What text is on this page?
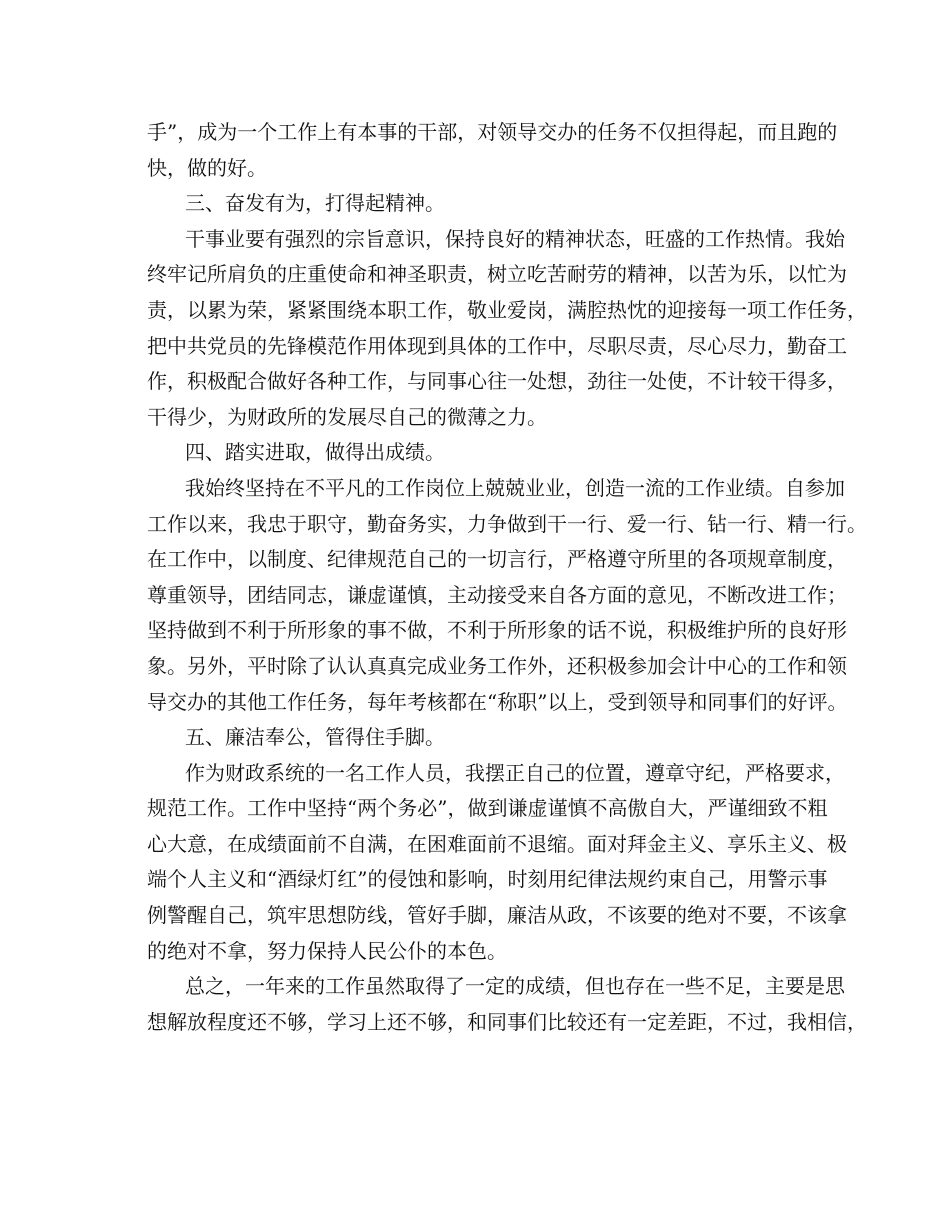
手”，成为一个工作上有本事的干部，对领导交办的任务不仅担得起，而且跑的
快，做的好。
三、奋发有为，打得起精神。
干事业要有强烈的宗旨意识，保持良好的精神状态，旺盛的工作热情。我始
终牢记所肩负的庄重使命和神圣职责，树立吃苦耐劳的精神，以苦为乐，以忙为
责，以累为荣，紧紧围绕本职工作，敬业爱岗，满腔热忱的迎接每一项工作任务，
把中共党员的先锋模范作用体现到具体的工作中，尽职尽责，尽心尽力，勤奋工
作，积极配合做好各种工作，与同事心往一处想，劲往一处使，不计较干得多，
干得少，为财政所的发展尽自己的微薄之力。
四、踏实进取，做得出成绩。
我始终坚持在不平凡的工作岗位上兢兢业业，创造一流的工作业绩。自参加
工作以来，我忠于职守，勤奋务实，力争做到干一行、爱一行、钻一行、精一行。
在工作中，以制度、纪律规范自己的一切言行，严格遵守所里的各项规章制度，
尊重领导，团结同志，谦虚谨慎，主动接受来自各方面的意见，不断改进工作；
坚持做到不利于所形象的事不做，不利于所形象的话不说，积极维护所的良好形
象。另外，平时除了认认真真完成业务工作外，还积极参加会计中心的工作和领
导交办的其他工作任务，每年考核都在“称职”以上，受到领导和同事们的好评。
五、廉洁奉公，管得住手脚。
作为财政系统的一名工作人员，我摆正自己的位置，遵章守纪，严格要求，
规范工作。工作中坚持“两个务必”，做到谦虚谨慎不高傲自大，严谨细致不粗
心大意，在成绩面前不自满，在困难面前不退缩。面对拜金主义、享乐主义、极
端个人主义和“酒绿灯红”的侵蚀和影响，时刻用纪律法规约束自己，用警示事
例警醒自己，筑牢思想防线，管好手脚，廉洁从政，不该要的绝对不要，不该拿
的绝对不拿，努力保持人民公仆的本色。
总之，一年来的工作虽然取得了一定的成绩，但也存在一些不足，主要是思
想解放程度还不够，学习上还不够，和同事们比较还有一定差距，不过，我相信，
